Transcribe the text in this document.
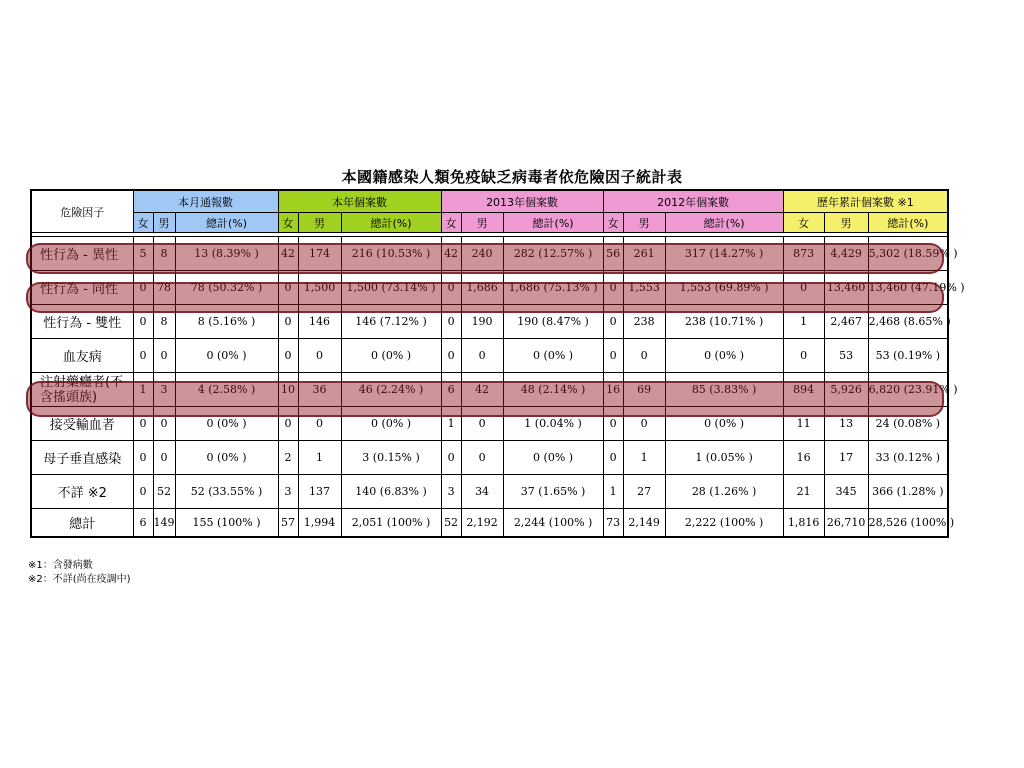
本國籍感染人類免疫缺乏病毒者依危險因子統計表
危險因子	本月通報數			本年個案數			2013年個案數			2012年個案數			歷年累計個案數 ※1		
	女	男	總計(%)	女	男	總計(%)	女	男	總計(%)	女	男	總計(%)	女	男	總計(%)

性行為 - 異性	5	8	13 (8.39% )	42	174	216 (10.53% )	42	240	282 (12.57% )	56	261	317 (14.27% )	873	4,429	5,302 (18.59% )
性行為 - 同性	0	78	78 (50.32% )	0	1,500	1,500 (73.14% )	0	1,686	1,686 (75.13% )	0	1,553	1,553 (69.89% )	0	13,460	13,460 (47.19% )
性行為 - 雙性	0	8	8 (5.16% )	0	146	146 (7.12% )	0	190	190 (8.47% )	0	238	238 (10.71% )	1	2,467	2,468 (8.65% )
血友病	0	0	0 (0% )	0	0	0 (0% )	0	0	0 (0% )	0	0	0 (0% )	0	53	53 (0.19% )
注射藥癮者(不含搖頭族)	1	3	4 (2.58% )	10	36	46 (2.24% )	6	42	48 (2.14% )	16	69	85 (3.83% )	894	5,926	6,820 (23.91% )
接受輸血者	0	0	0 (0% )	0	0	0 (0% )	1	0	1 (0.04% )	0	0	0 (0% )	11	13	24 (0.08% )
母子垂直感染	0	0	0 (0% )	2	1	3 (0.15% )	0	0	0 (0% )	0	1	1 (0.05% )	16	17	33 (0.12% )
不詳 ※2	0	52	52 (33.55% )	3	137	140 (6.83% )	3	34	37 (1.65% )	1	27	28 (1.26% )	21	345	366 (1.28% )
總計	6	149	155 (100% )	57	1,994	2,051 (100% )	52	2,192	2,244 (100% )	73	2,149	2,222 (100% )	1,816	26,710	28,526 (100% )
※1：含發病數
※2：不詳(尚在疫調中)
